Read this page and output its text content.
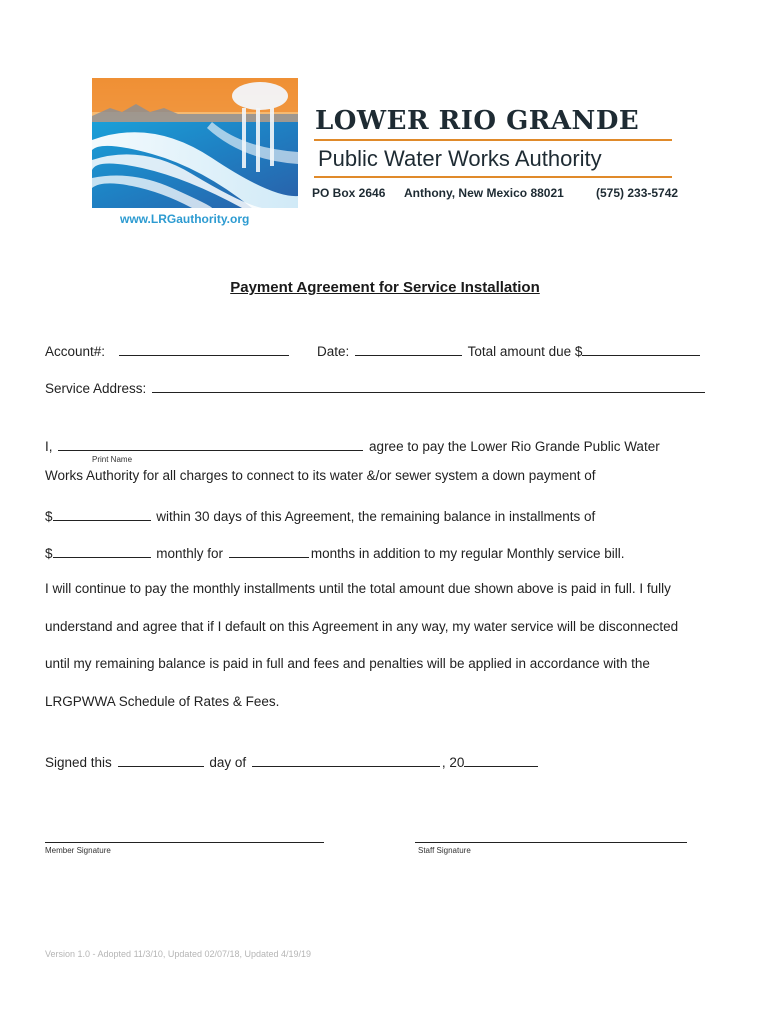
LOWER RIO GRANDE
Public Water Works Authority
PO Box 2646 Anthony, New Mexico 88021	(575) 233-5742
www.LRGauthority.org
Payment Agreement for Service Installation
Account#:	Date:	Total amount due $
Service Address:
I,	agree to pay the Lower Rio Grande Public Water
Print Name
Works Authority for all charges to connect to its water &/or sewer system a down payment of
$	within 30 days of this Agreement, the remaining balance in installments of
$	monthly for	months in addition to my regular Monthly service bill.
I will continue to pay the monthly installments until the total amount due shown above is paid in full. I fully
understand and agree that if I default on this Agreement in any way, my water service will be disconnected
until my remaining balance is paid in full and fees and penalties will be applied in accordance with the
LRGPWWA Schedule of Rates & Fees.
Signed this	day of	, 20
Member Signature	Staff Signature
Version 1.0 - Adopted 11/3/10, Updated 02/07/18, Updated 4/19/19
